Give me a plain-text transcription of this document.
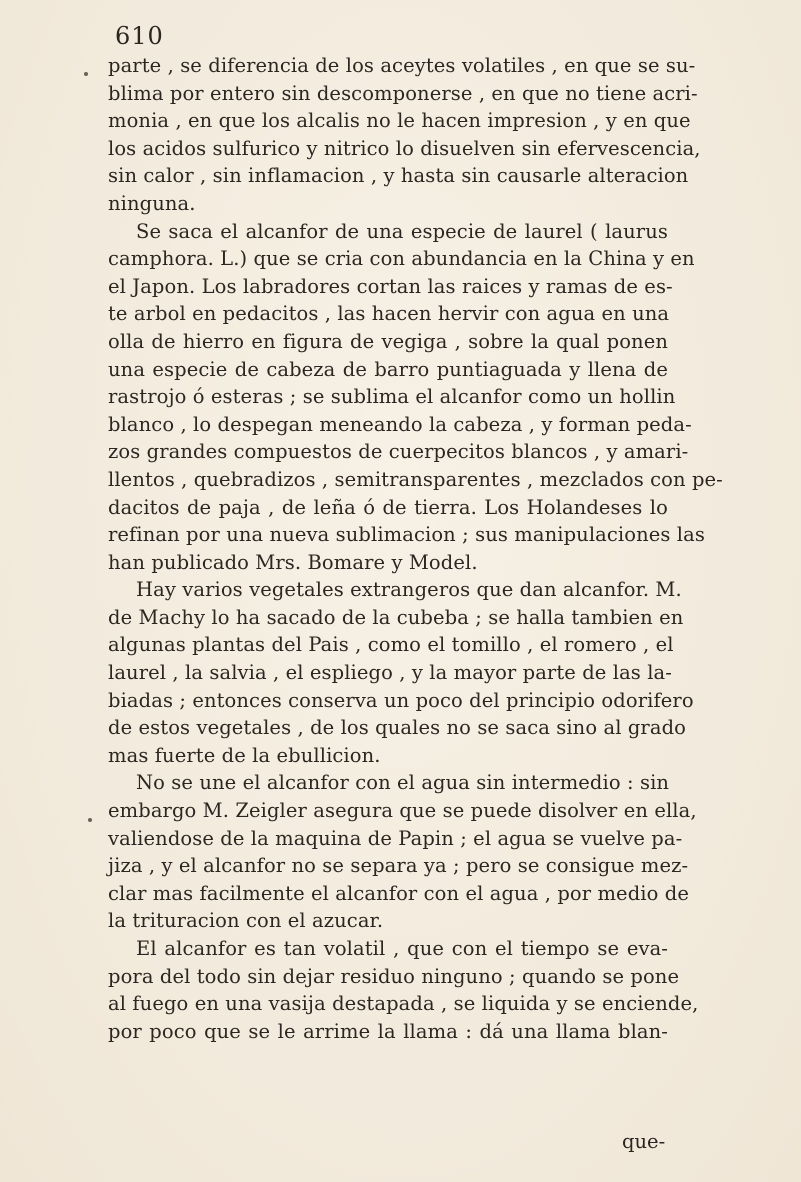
610
parte , se diferencia de los aceytes volatiles , en que se su-
blima por entero sin descomponerse , en que no tiene acri-
monia , en que los alcalis no le hacen impresion , y en que
los acidos sulfurico y nitrico lo disuelven sin efervescencia,
sin calor , sin inflamacion , y hasta sin causarle alteracion
ninguna.
Se saca el alcanfor de una especie de laurel ( laurus
camphora. L.) que se cria con abundancia en la China y en
el Japon. Los labradores cortan las raices y ramas de es-
te arbol en pedacitos , las hacen hervir con agua en una
olla de hierro en figura de vegiga , sobre la qual ponen
una especie de cabeza de barro puntiaguada y llena de
rastrojo ó esteras ; se sublima el alcanfor como un hollin
blanco , lo despegan meneando la cabeza , y forman peda-
zos grandes compuestos de cuerpecitos blancos , y amari-
llentos , quebradizos , semitransparentes , mezclados con pe-
dacitos de paja , de leña ó de tierra. Los Holandeses lo
refinan por una nueva sublimacion ; sus manipulaciones las
han publicado Mrs. Bomare y Model.
Hay varios vegetales extrangeros que dan alcanfor. M.
de Machy lo ha sacado de la cubeba ; se halla tambien en
algunas plantas del Pais , como el tomillo , el romero , el
laurel , la salvia , el espliego , y la mayor parte de las la-
biadas ; entonces conserva un poco del principio odorifero
de estos vegetales , de los quales no se saca sino al grado
mas fuerte de la ebullicion.
No se une el alcanfor con el agua sin intermedio : sin
embargo M. Zeigler asegura que se puede disolver en ella,
valiendose de la maquina de Papin ; el agua se vuelve pa-
jiza , y el alcanfor no se separa ya ; pero se consigue mez-
clar mas facilmente el alcanfor con el agua , por medio de
la trituracion con el azucar.
El alcanfor es tan volatil , que con el tiempo se eva-
pora del todo sin dejar residuo ninguno ; quando se pone
al fuego en una vasija destapada , se liquida y se enciende,
por poco que se le arrime la llama : dá una llama blan-
que-
